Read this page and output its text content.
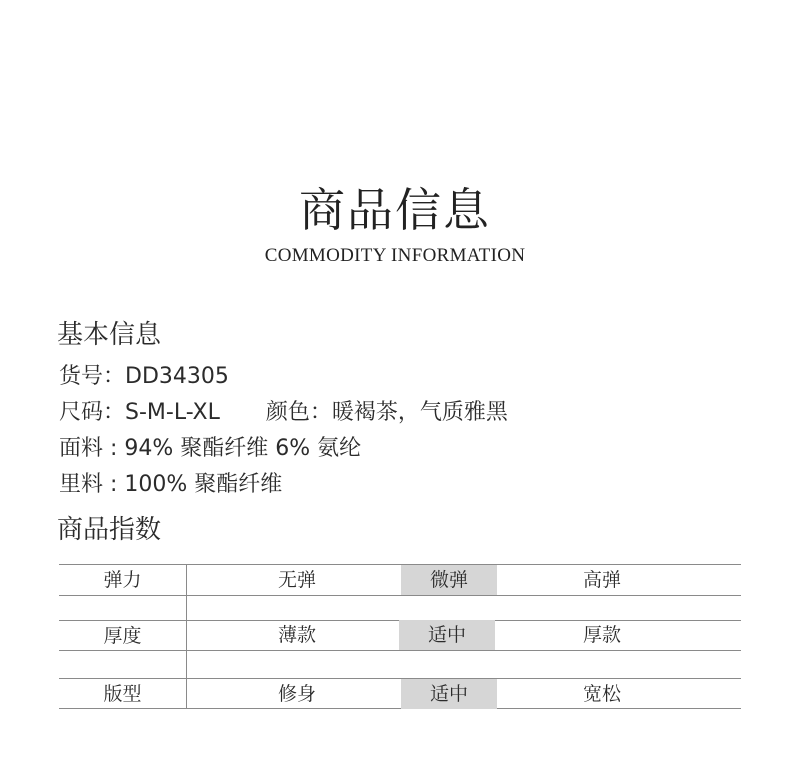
商品信息
COMMODITY INFORMATION
基本信息
货号：DD34305
尺码：S-M-L-XL 颜色：暖褐茶，气质雅黑
面料 : 94% 聚酯纤维 6% 氨纶
里料 : 100% 聚酯纤维
商品指数
弹力	无弹	微弹	高弹
厚度	薄款	适中	厚款
版型	修身	适中	宽松
